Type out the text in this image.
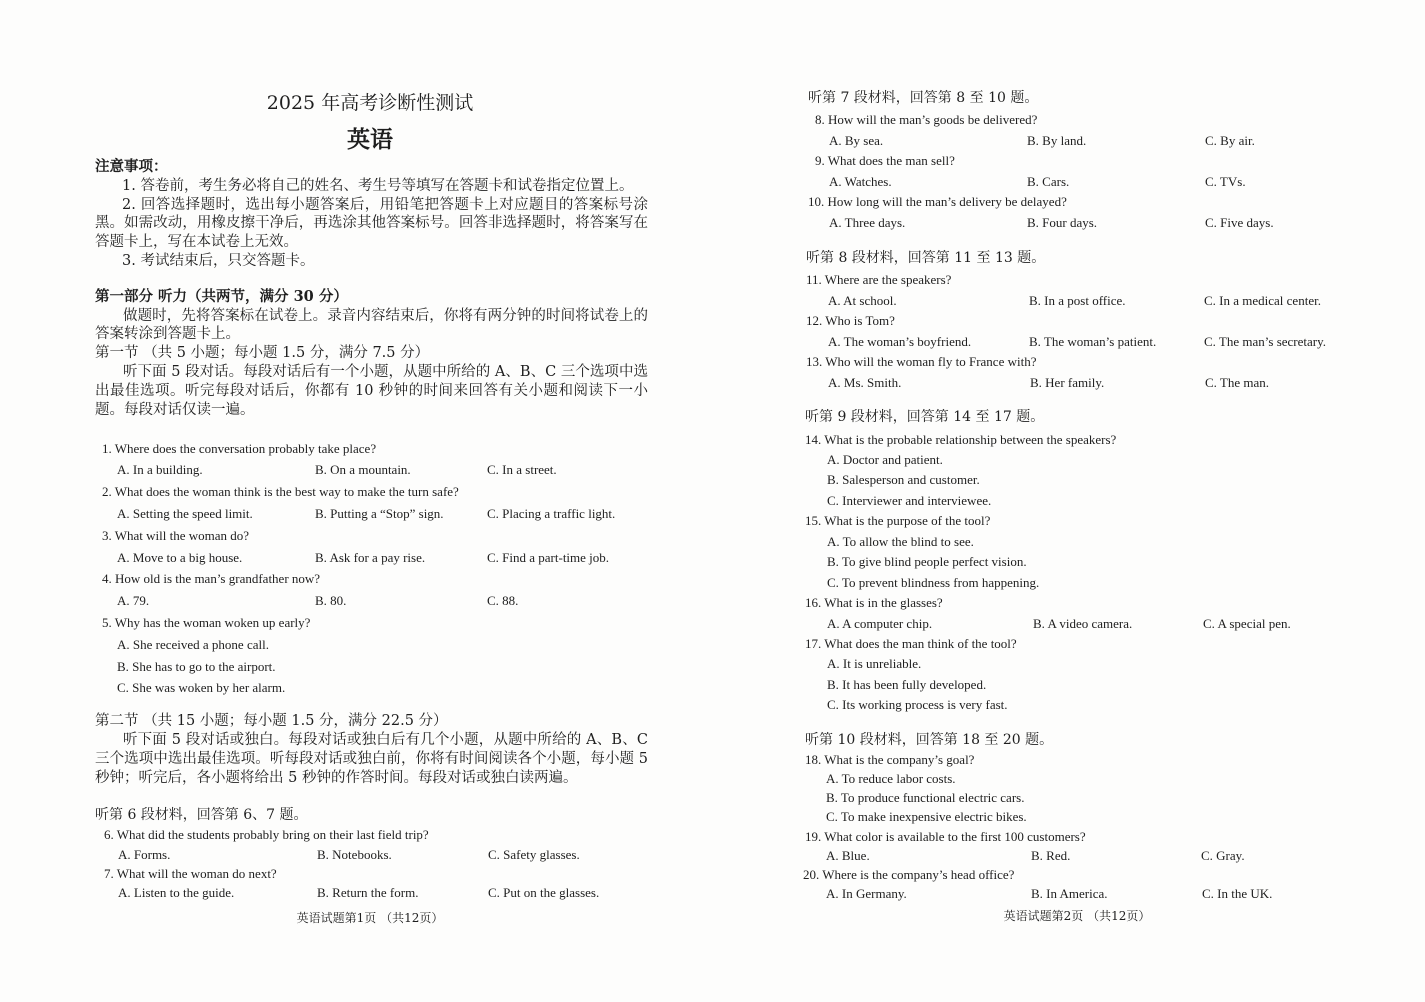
2025 年高考诊断性测试
英语
注意事项：
1. 答卷前，考生务必将自己的姓名、考生号等填写在答题卡和试卷指定位置上。
2. 回答选择题时，选出每小题答案后，用铅笔把答题卡上对应题目的答案标号涂黑。如需改动，用橡皮擦干净后，再选涂其他答案标号。回答非选择题时，将答案写在答题卡上，写在本试卷上无效。
3. 考试结束后，只交答题卡。
第一部分 听力（共两节，满分 30 分）
做题时，先将答案标在试卷上。录音内容结束后，你将有两分钟的时间将试卷上的答案转涂到答题卡上。
第一节 （共 5 小题；每小题 1.5 分，满分 7.5 分）
听下面 5 段对话。每段对话后有一个小题，从题中所给的 A、B、C 三个选项中选出最佳选项。听完每段对话后，你都有 10 秒钟的时间来回答有关小题和阅读下一小题。每段对话仅读一遍。
1. Where does the conversation probably take place?
A. In a building.	B. On a mountain.	C. In a street.
2. What does the woman think is the best way to make the turn safe?
A. Setting the speed limit.	B. Putting a “Stop” sign.	C. Placing a traffic light.
3. What will the woman do?
A. Move to a big house.	B. Ask for a pay rise.	C. Find a part-time job.
4. How old is the man’s grandfather now?
A. 79.	B. 80.	C. 88.
5. Why has the woman woken up early?
A. She received a phone call.
B. She has to go to the airport.
C. She was woken by her alarm.
第二节 （共 15 小题；每小题 1.5 分，满分 22.5 分）
听下面 5 段对话或独白。每段对话或独白后有几个小题，从题中所给的 A、B、C 三个选项中选出最佳选项。听每段对话或独白前，你将有时间阅读各个小题，每小题 5 秒钟；听完后，各小题将给出 5 秒钟的作答时间。每段对话或独白读两遍。
听第 6 段材料，回答第 6、7 题。
6. What did the students probably bring on their last field trip?
A. Forms.	B. Notebooks.	C. Safety glasses.
7. What will the woman do next?
A. Listen to the guide.	B. Return the form.	C. Put on the glasses.
英语试题第1页 （共12页）
听第 7 段材料，回答第 8 至 10 题。
8. How will the man’s goods be delivered?
A. By sea.	B. By land.	C. By air.
9. What does the man sell?
A. Watches.	B. Cars.	C. TVs.
10. How long will the man’s delivery be delayed?
A. Three days.	B. Four days.	C. Five days.
听第 8 段材料，回答第 11 至 13 题。
11. Where are the speakers?
A. At school.	B. In a post office.	C. In a medical center.
12. Who is Tom?
A. The woman’s boyfriend.	B. The woman’s patient.	C. The man’s secretary.
13. Who will the woman fly to France with?
A. Ms. Smith.	B. Her family.	C. The man.
听第 9 段材料，回答第 14 至 17 题。
14. What is the probable relationship between the speakers?
A. Doctor and patient.
B. Salesperson and customer.
C. Interviewer and interviewee.
15. What is the purpose of the tool?
A. To allow the blind to see.
B. To give blind people perfect vision.
C. To prevent blindness from happening.
16. What is in the glasses?
A. A computer chip.	B. A video camera.	C. A special pen.
17. What does the man think of the tool?
A. It is unreliable.
B. It has been fully developed.
C. Its working process is very fast.
听第 10 段材料，回答第 18 至 20 题。
18. What is the company’s goal?
A. To reduce labor costs.
B. To produce functional electric cars.
C. To make inexpensive electric bikes.
19. What color is available to the first 100 customers?
A. Blue.	B. Red.	C. Gray.
20. Where is the company’s head office?
A. In Germany.	B. In America.	C. In the UK.
英语试题第2页 （共12页）
